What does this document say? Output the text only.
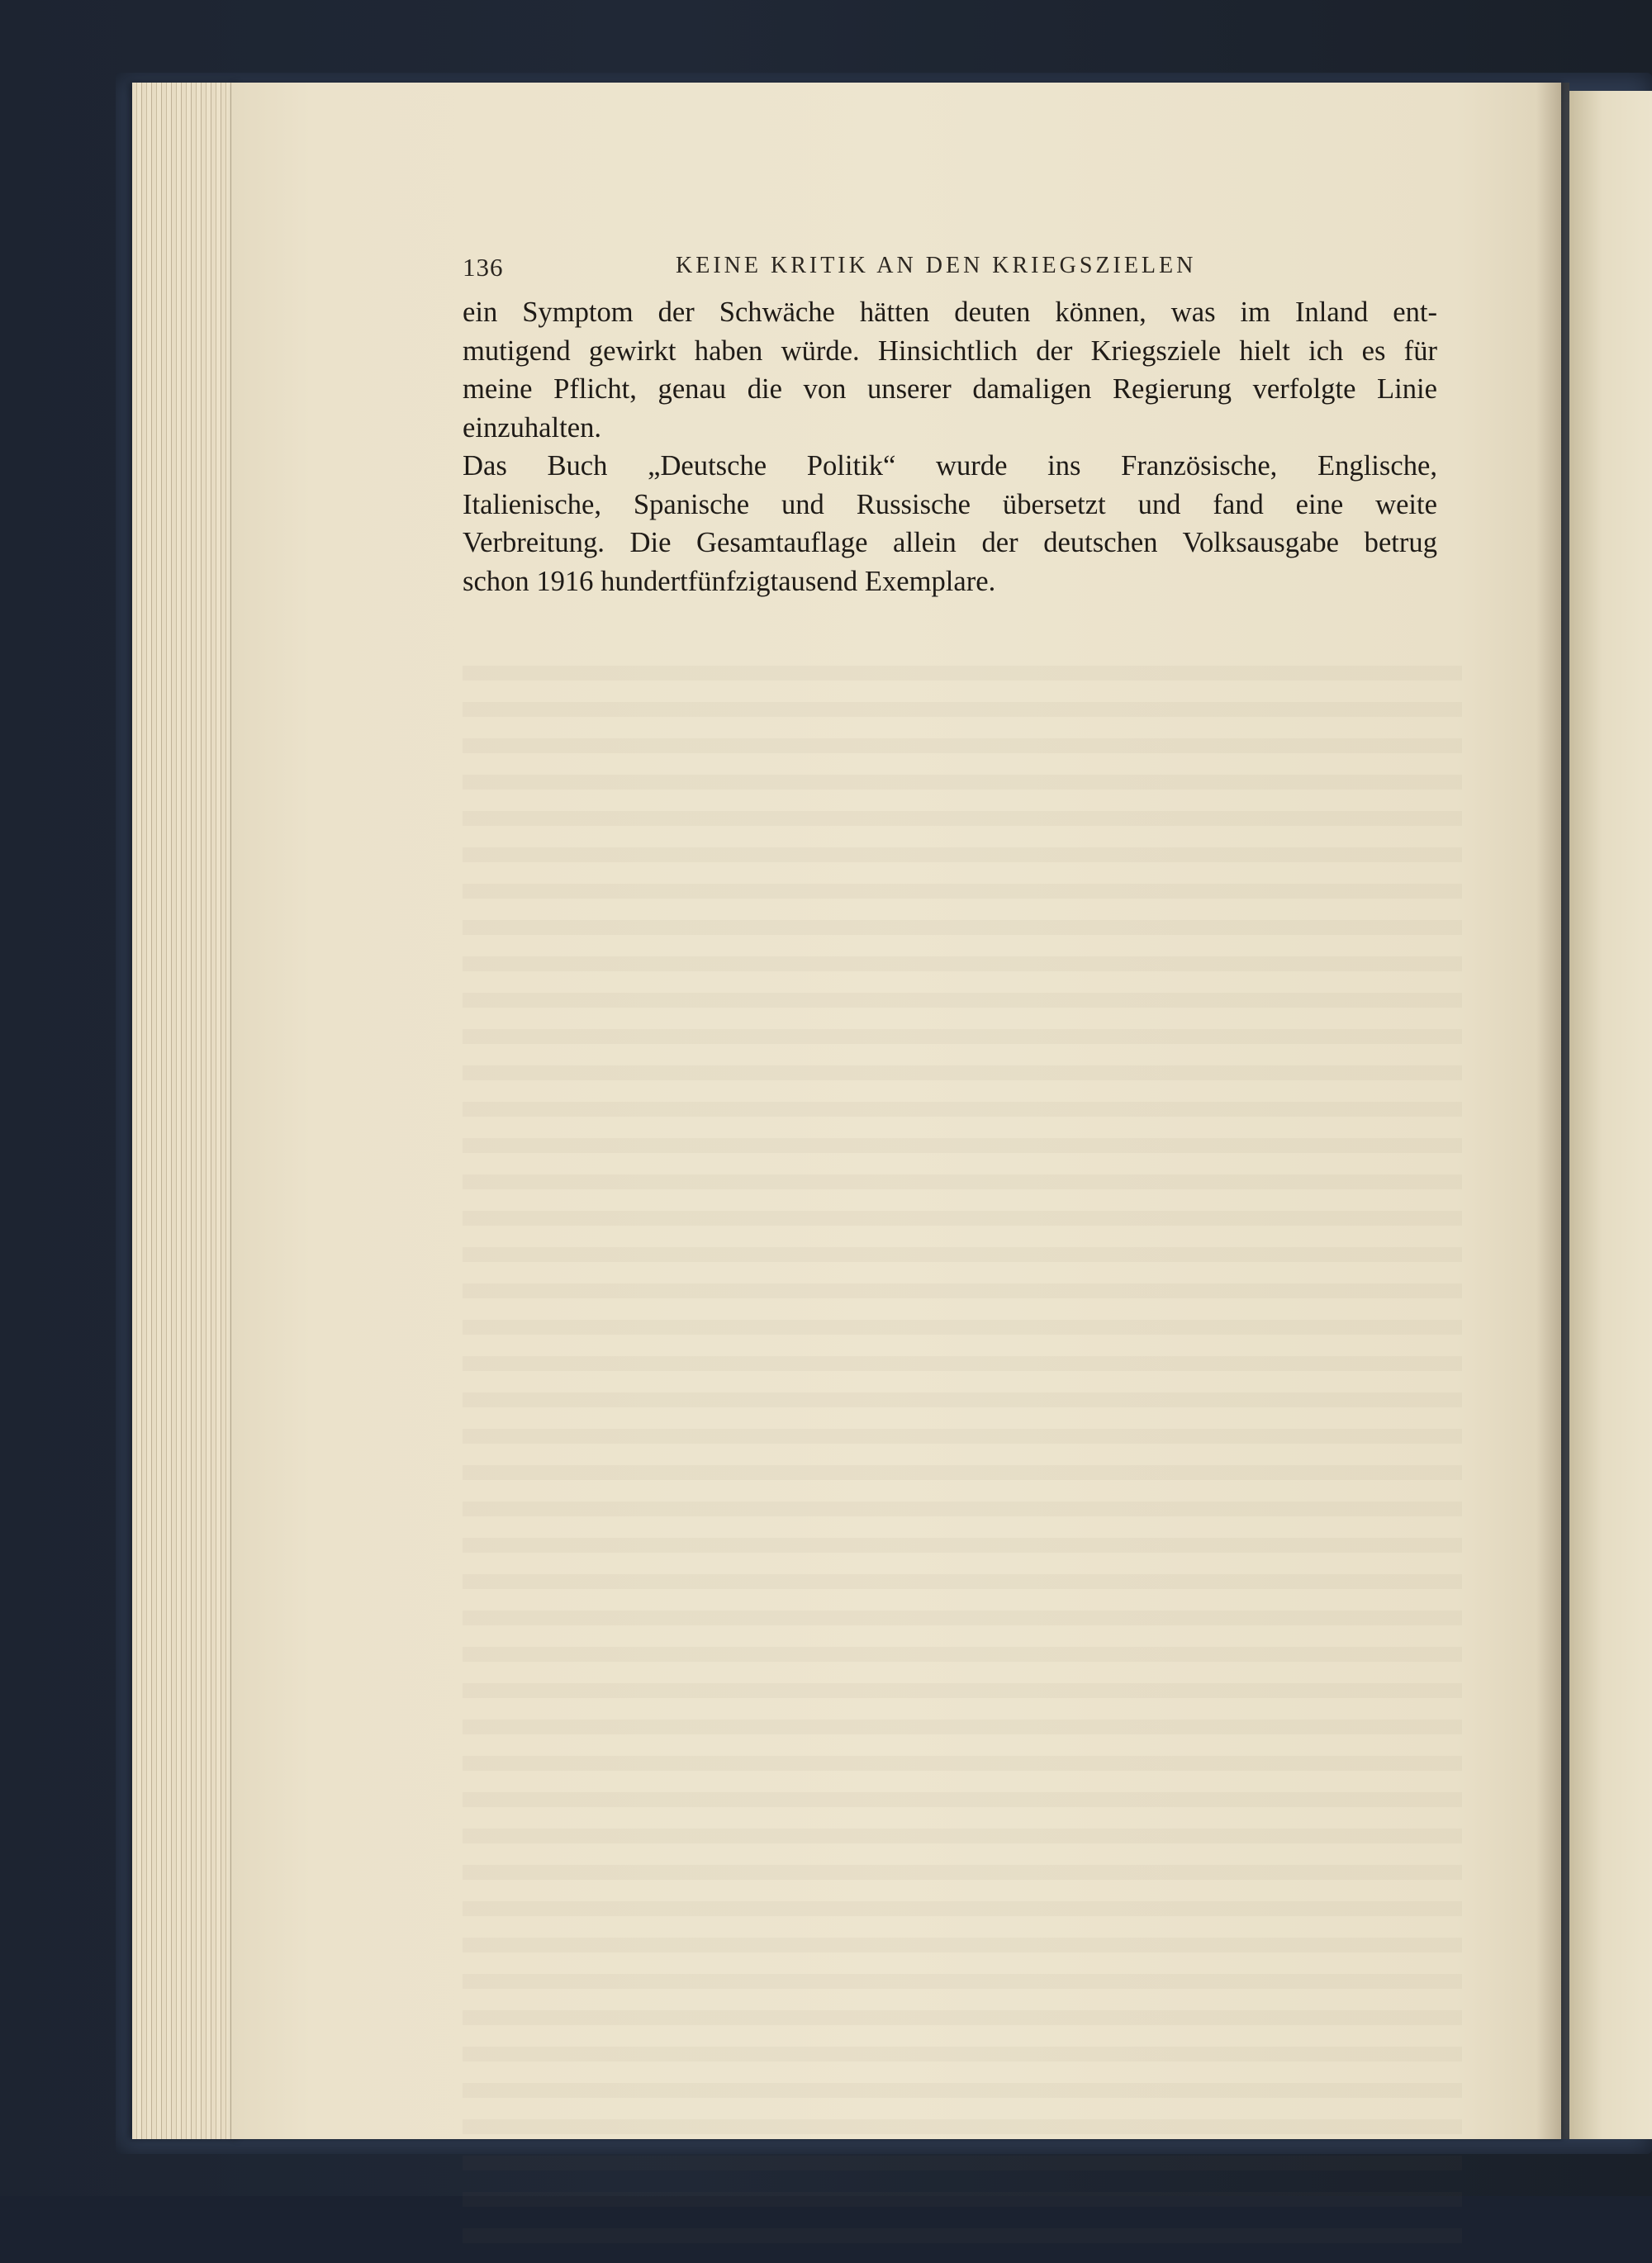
136	KEINE KRITIK AN DEN KRIEGSZIELEN
ein Symptom der Schwäche hätten deuten können, was im Inland ent-
mutigend gewirkt haben würde. Hinsichtlich der Kriegsziele hielt ich es für
meine Pflicht, genau die von unserer damaligen Regierung verfolgte Linie
einzuhalten.
Das Buch „Deutsche Politik“ wurde ins Französische, Englische,
Italienische, Spanische und Russische übersetzt und fand eine weite
Verbreitung. Die Gesamtauflage allein der deutschen Volksausgabe betrug
schon 1916 hundertfünfzigtausend Exemplare.
